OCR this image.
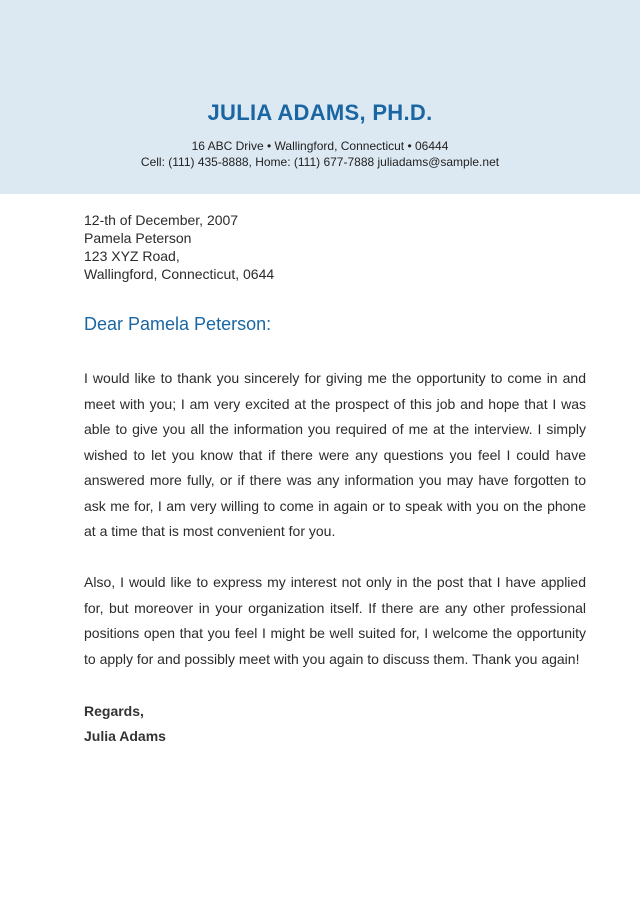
JULIA ADAMS, PH.D.
16 ABC Drive • Wallingford, Connecticut • 06444
Cell: (111) 435-8888, Home: (111) 677-7888 juliadams@sample.net
12-th of December, 2007
Pamela Peterson
123 XYZ Road,
Wallingford, Connecticut, 0644
Dear Pamela Peterson:

I would like to thank you sincerely for giving me the opportunity to come in and meet with you; I am very excited at the prospect of this job and hope that I was able to give you all the information you required of me at the interview. I simply wished to let you know that if there were any questions you feel I could have answered more fully, or if there was any information you may have forgotten to ask me for, I am very willing to come in again or to speak with you on the phone at a time that is most convenient for you.

Also, I would like to express my interest not only in the post that I have applied for, but moreover in your organization itself. If there are any other professional positions open that you feel I might be well suited for, I welcome the opportunity to apply for and possibly meet with you again to discuss them. Thank you again!

Regards,
Julia Adams
